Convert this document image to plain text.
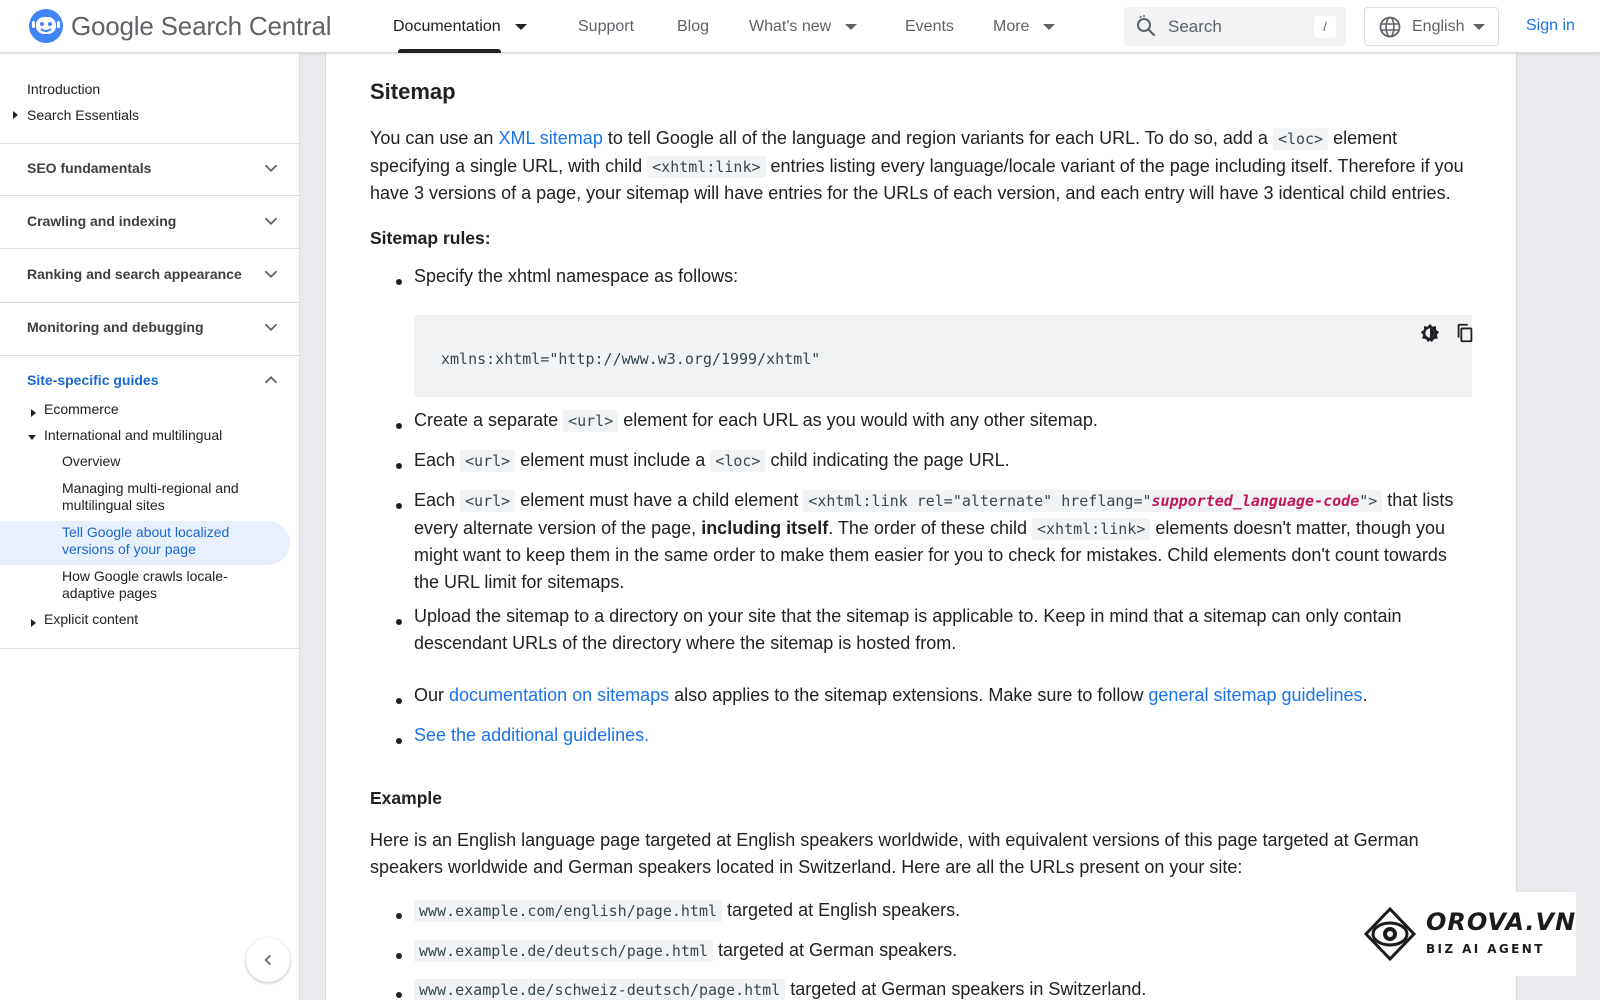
Google Search Central	Documentation	Support	Blog What's new	Events More
Search	/	English	Sign in
Introduction
Search Essentials
SEO fundamentals
Crawling and indexing
Ranking and search appearance
Monitoring and debugging
Site-specific guides
Ecommerce
International and multilingual
Overview
Managing multi-regional and multilingual sites
Tell Google about localized versions of your page
How Google crawls locale-adaptive pages
Explicit content
Sitemap

You can use an XML sitemap to tell Google all of the language and region variants for each URL. To do so, add a <loc> element specifying a single URL, with child <xhtml:link> entries listing every language/locale variant of the page including itself. Therefore if you have 3 versions of a page, your sitemap will have entries for the URLs of each version, and each entry will have 3 identical child entries.

Sitemap rules:

Specify the xhtml namespace as follows:

xmlns:xhtml="http://www.w3.org/1999/xhtml"

Create a separate <url> element for each URL as you would with any other sitemap.

Each <url> element must include a <loc> child indicating the page URL.

Each <url> element must have a child element <xhtml:link rel="alternate" hreflang="supported_language-code"> that lists every alternate version of the page, including itself. The order of these child <xhtml:link> elements doesn't matter, though you might want to keep them in the same order to make them easier for you to check for mistakes. Child elements don't count towards the URL limit for sitemaps.

Upload the sitemap to a directory on your site that the sitemap is applicable to. Keep in mind that a sitemap can only contain descendant URLs of the directory where the sitemap is hosted from.

Our documentation on sitemaps also applies to the sitemap extensions. Make sure to follow general sitemap guidelines.

See the additional guidelines.

Example

Here is an English language page targeted at English speakers worldwide, with equivalent versions of this page targeted at German speakers worldwide and German speakers located in Switzerland. Here are all the URLs present on your site:

www.example.com/english/page.html targeted at English speakers.

www.example.de/deutsch/page.html targeted at German speakers.

www.example.de/schweiz-deutsch/page.html targeted at German speakers in Switzerland.

OROVA.VN
BIZ AI AGENT
